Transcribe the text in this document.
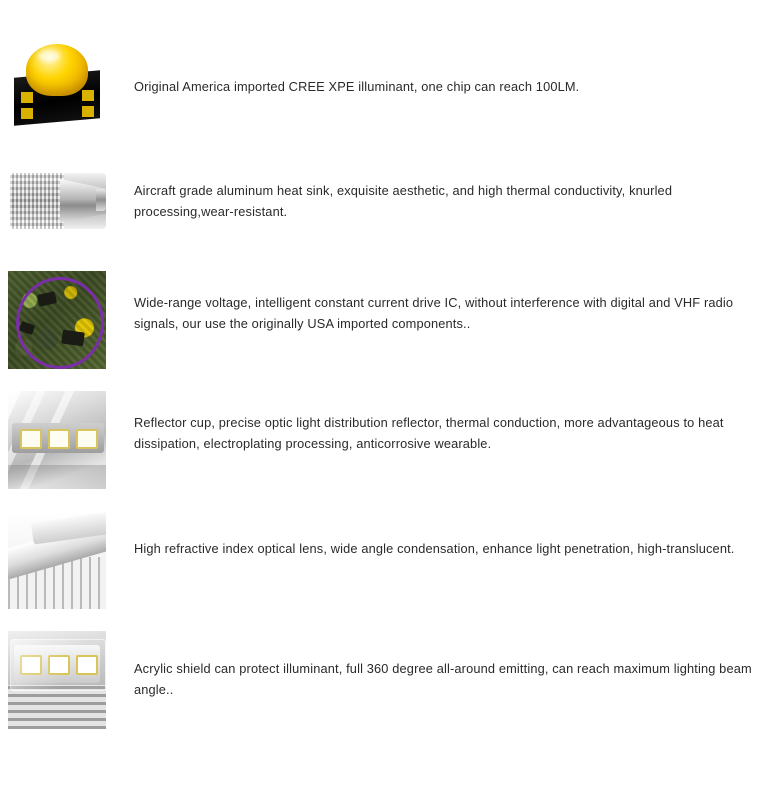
Original America imported CREE XPE illuminant, one chip can reach 100LM.
Aircraft grade aluminum heat sink, exquisite aesthetic, and high thermal conductivity, knurled processing,wear-resistant.
Wide-range voltage, intelligent constant current drive IC, without interference with digital and VHF radio signals, our use the originally USA imported components..
Reflector cup, precise optic light distribution reflector, thermal conduction, more advantageous to heat dissipation, electroplating processing, anticorrosive wearable.
High refractive index optical lens, wide angle condensation, enhance light penetration, high-translucent.
Acrylic shield can protect illuminant, full 360 degree all-around emitting, can reach maximum lighting beam angle..
